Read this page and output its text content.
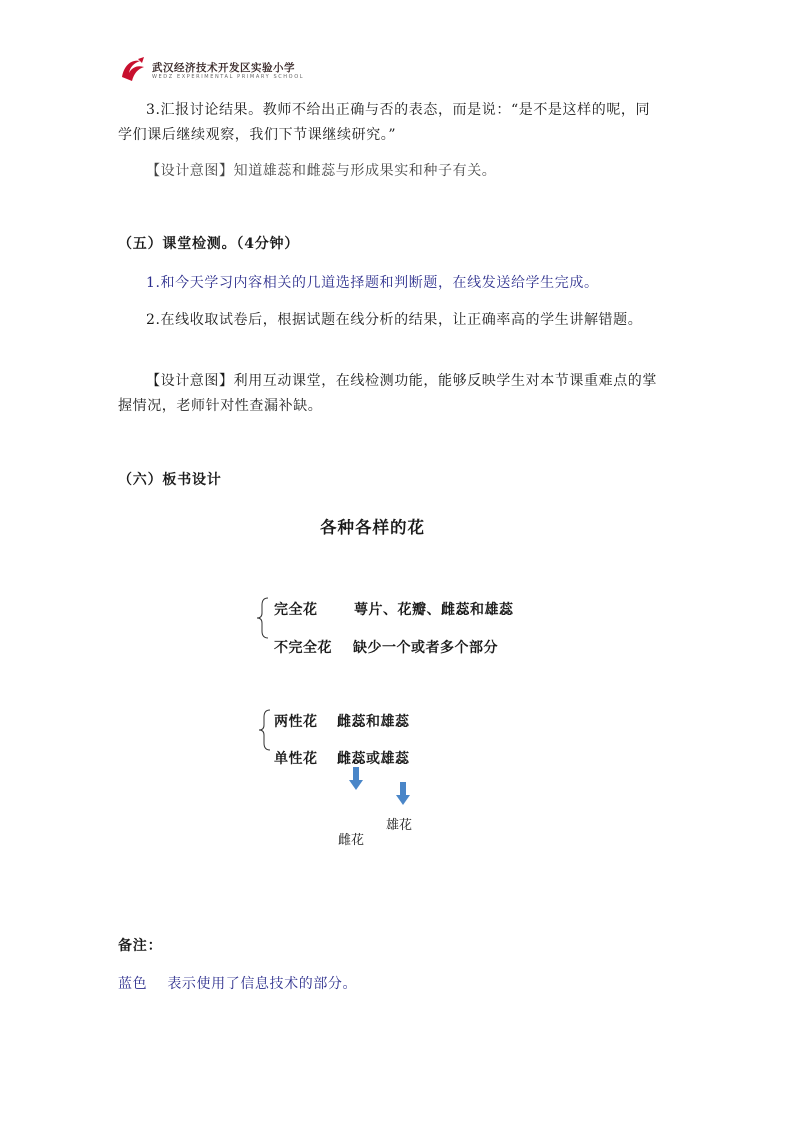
武汉经济技术开发区实验小学
WEDZ EXPERIMENTAL PRIMARY SCHOOL
3.汇报讨论结果。教师不给出正确与否的表态，而是说：“是不是这样的呢，同学们课后继续观察，我们下节课继续研究。”
【设计意图】知道雄蕊和雌蕊与形成果实和种子有关。
（五）课堂检测。（4分钟）
1.和今天学习内容相关的几道选择题和判断题，在线发送给学生完成。
2.在线收取试卷后，根据试题在线分析的结果，让正确率高的学生讲解错题。
【设计意图】利用互动课堂，在线检测功能，能够反映学生对本节课重难点的掌握情况，老师针对性查漏补缺。
（六）板书设计
各种各样的花
完全花	萼片、花瓣、雌蕊和雄蕊
不完全花 缺少一个或者多个部分
两性花 雌蕊和雄蕊
单性花 雌蕊或雄蕊
雄花
雌花
备注：
蓝色 表示使用了信息技术的部分。
